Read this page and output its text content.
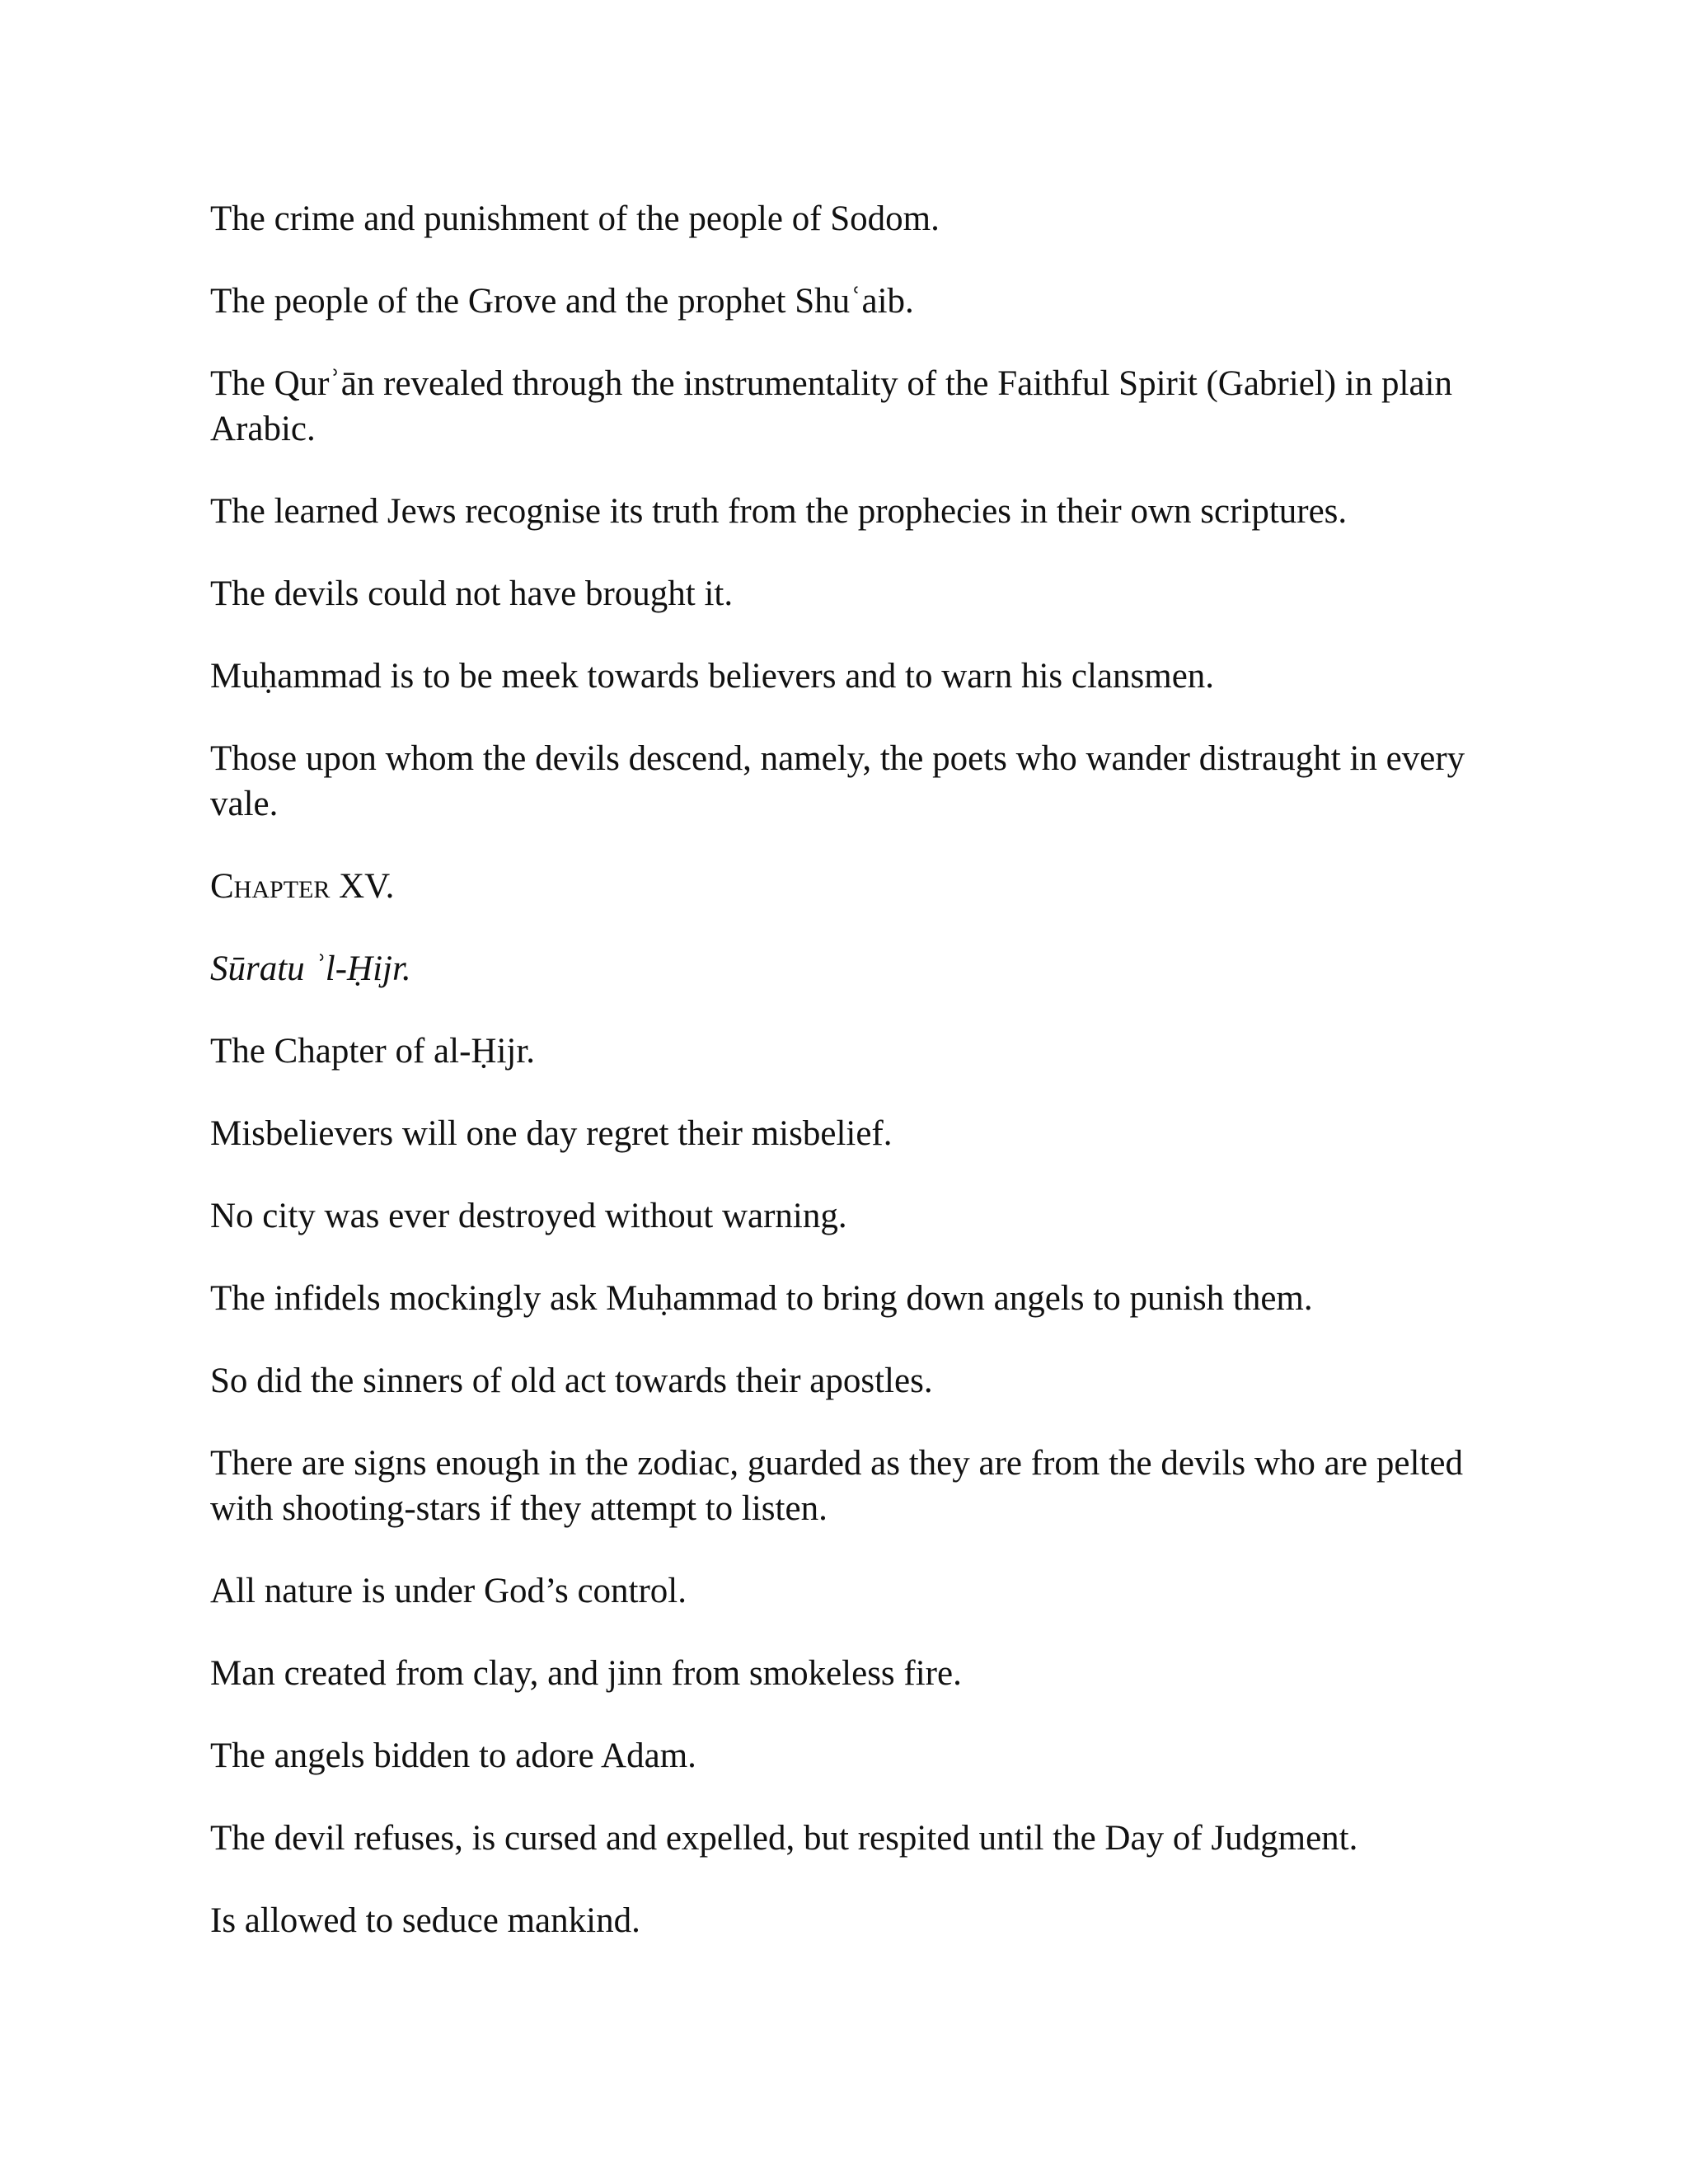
The crime and punishment of the people of Sodom.

The people of the Grove and the prophet Shuʿaib.

The Qurʾān revealed through the instrumentality of the Faithful Spirit (Gabriel) in plain Arabic.

The learned Jews recognise its truth from the prophecies in their own scriptures.

The devils could not have brought it.

Muḥammad is to be meek towards believers and to warn his clansmen.

Those upon whom the devils descend, namely, the poets who wander distraught in every vale.

Chapter XV.

Sūratu ʾl-Ḥijr.

The Chapter of al-Ḥijr.

Misbelievers will one day regret their misbelief.

No city was ever destroyed without warning.

The infidels mockingly ask Muḥammad to bring down angels to punish them.

So did the sinners of old act towards their apostles.

There are signs enough in the zodiac, guarded as they are from the devils who are pelted with shooting-stars if they attempt to listen.

All nature is under God’s control.

Man created from clay, and jinn from smokeless fire.

The angels bidden to adore Adam.

The devil refuses, is cursed and expelled, but respited until the Day of Judgment.

Is allowed to seduce mankind.
